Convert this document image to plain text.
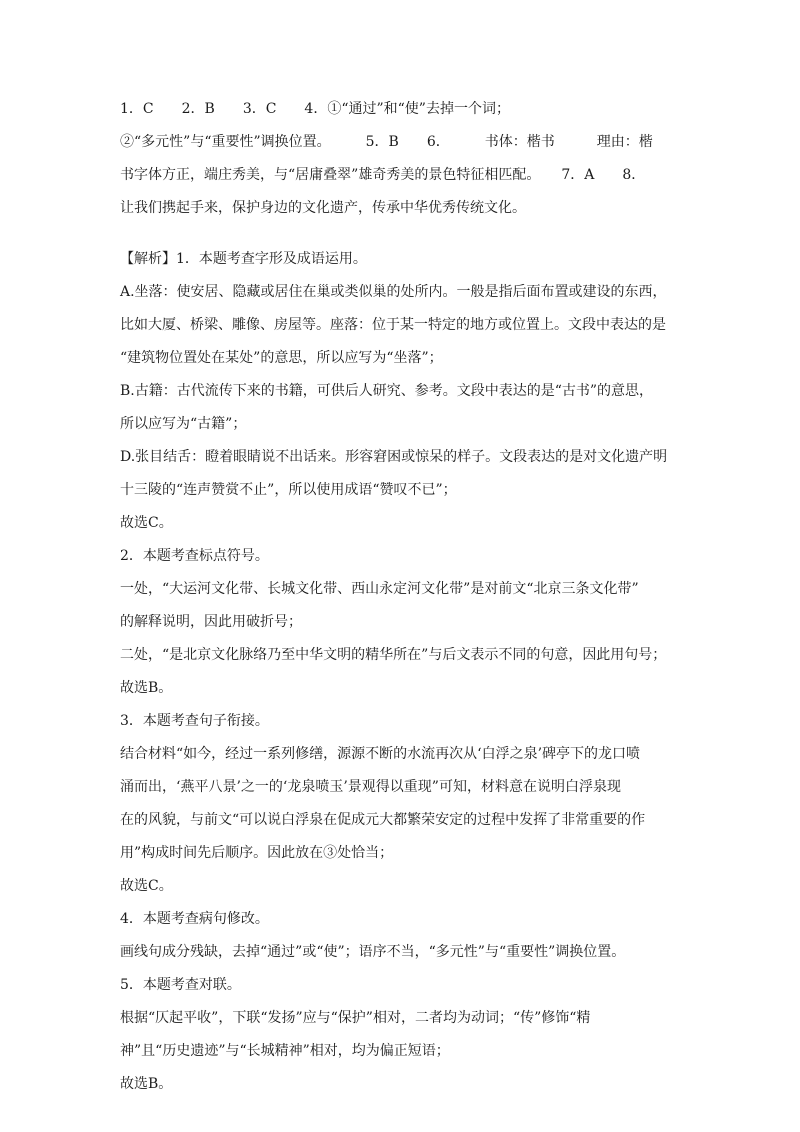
1．C　　2．B　　3．C　　4．①“通过”和“使”去掉一个词；
②“多元性”与“重要性”调换位置。　　　5．B　　6．　　　书体：楷书　　　理由：楷
书字体方正，端庄秀美，与“居庸叠翠”雄奇秀美的景色特征相匹配。　　7．A　　8．
让我们携起手来，保护身边的文化遗产，传承中华优秀传统文化。
【解析】1．本题考查字形及成语运用。
A.坐落：使安居、隐藏或居住在巢或类似巢的处所内。一般是指后面布置或建设的东西，
比如大厦、桥梁、雕像、房屋等。座落：位于某一特定的地方或位置上。文段中表达的是
“建筑物位置处在某处”的意思，所以应写为“坐落”；
B.古籍：古代流传下来的书籍，可供后人研究、参考。文段中表达的是“古书”的意思，
所以应写为“古籍”；
D.张目结舌：瞪着眼睛说不出话来。形容窘困或惊呆的样子。文段表达的是对文化遗产明
十三陵的“连声赞赏不止”，所以使用成语“赞叹不已”；
故选C。
2．本题考查标点符号。
一处，“大运河文化带、长城文化带、西山永定河文化带”是对前文“北京三条文化带”
的解释说明，因此用破折号；
二处，“是北京文化脉络乃至中华文明的精华所在”与后文表示不同的句意，因此用句号；
故选B。
3．本题考查句子衔接。
结合材料“如今，经过一系列修缮，源源不断的水流再次从‘白浮之泉’碑亭下的龙口喷
涌而出，‘燕平八景’之一的‘龙泉喷玉’景观得以重现”可知，材料意在说明白浮泉现
在的风貌，与前文“可以说白浮泉在促成元大都繁荣安定的过程中发挥了非常重要的作
用”构成时间先后顺序。因此放在③处恰当；
故选C。
4．本题考查病句修改。
画线句成分残缺，去掉“通过”或“使”；语序不当，“多元性”与“重要性”调换位置。
5．本题考查对联。
根据“仄起平收”，下联“发扬”应与“保护”相对，二者均为动词；“传”修饰“精
神”且“历史遗迹”与“长城精神”相对，均为偏正短语；
故选B。
